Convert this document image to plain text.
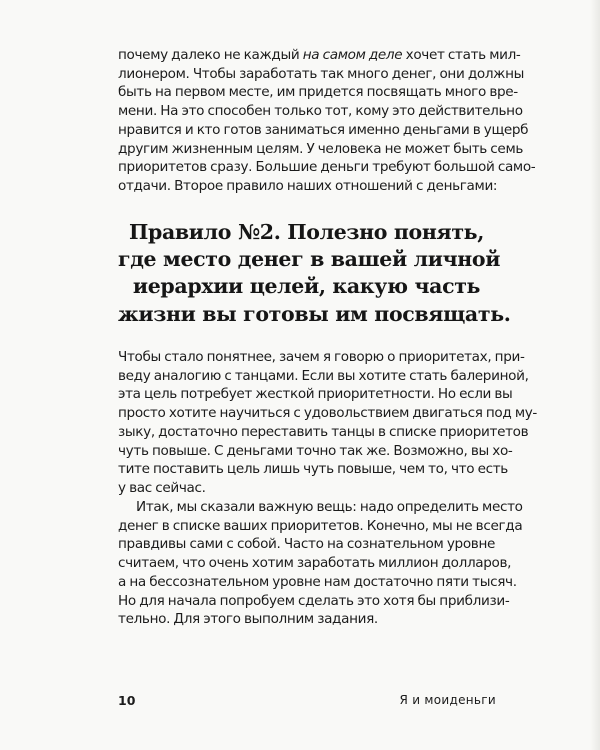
почему далеко не каждый на самом деле хочет стать мил-
лионером. Чтобы заработать так много денег, они должны
быть на первом месте, им придется посвящать много вре-
мени. На это способен только тот, кому это действительно
нравится и кто готов заниматься именно деньгами в ущерб
другим жизненным целям. У человека не может быть семь
приоритетов сразу. Большие деньги требуют большой само-
отдачи. Второе правило наших отношений с деньгами:
Правило №2. Полезно понять,
где место денег в вашей личной
иерархии целей, какую часть
жизни вы готовы им посвящать.
Чтобы стало понятнее, зачем я говорю о приоритетах, при-
веду аналогию с танцами. Если вы хотите стать балериной,
эта цель потребует жесткой приоритетности. Но если вы
просто хотите научиться с удовольствием двигаться под му-
зыку, достаточно переставить танцы в списке приоритетов
чуть повыше. С деньгами точно так же. Возможно, вы хо-
тите поставить цель лишь чуть повыше, чем то, что есть
у вас сейчас.
Итак, мы сказали важную вещь: надо определить место
денег в списке ваших приоритетов. Конечно, мы не всегда
правдивы сами с собой. Часто на сознательном уровне
считаем, что очень хотим заработать миллион долларов,
а на бессознательном уровне нам достаточно пяти тысяч.
Но для начала попробуем сделать это хотя бы приблизи-
тельно. Для этого выполним задания.
10	Я и моиденьги
